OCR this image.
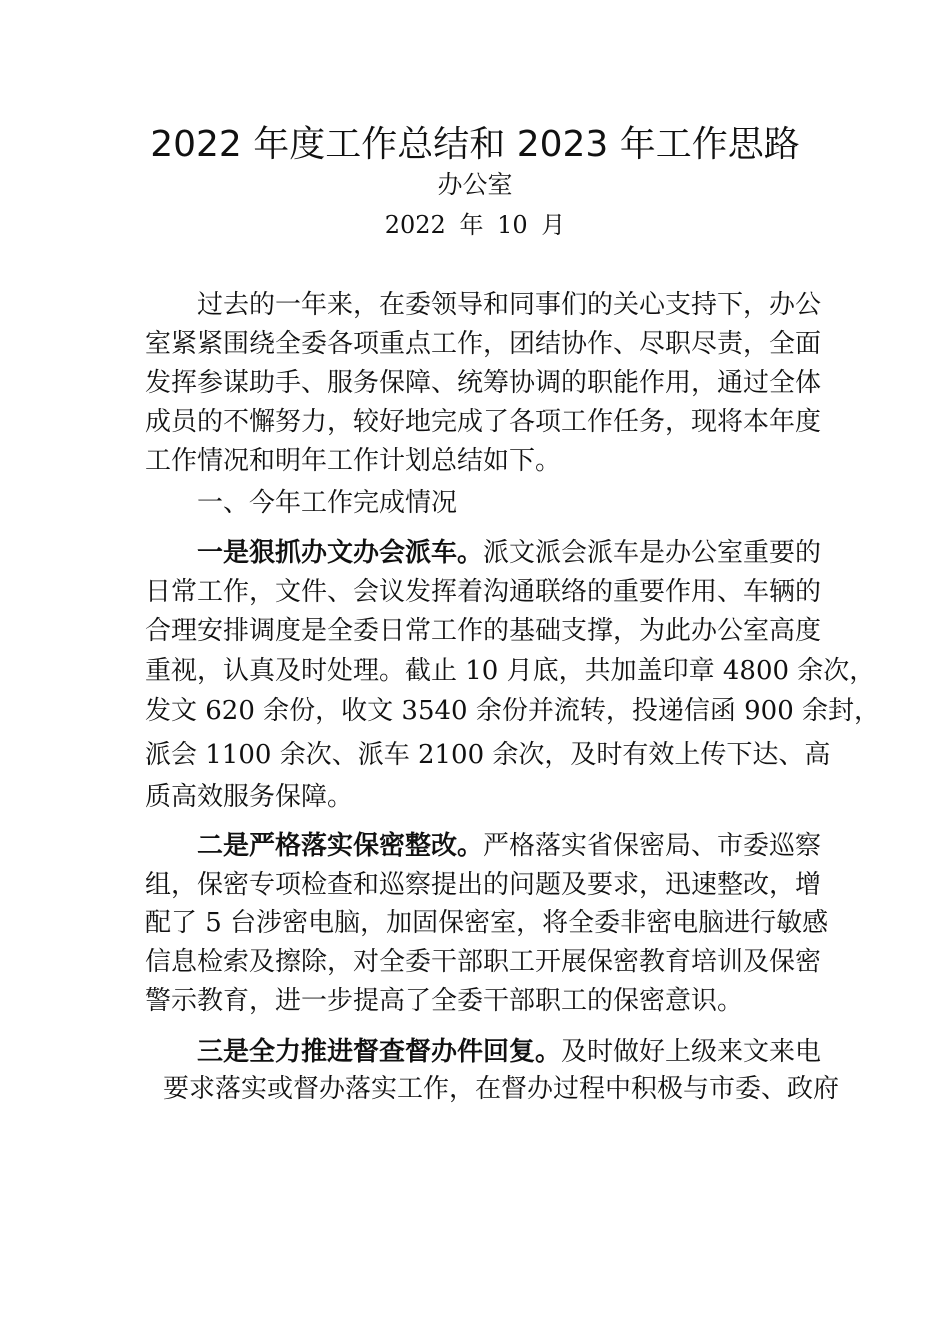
2022 年度工作总结和 2023 年工作思路
办公室
2022 年 10 月
过去的一年来，在委领导和同事们的关心支持下，办公
室紧紧围绕全委各项重点工作，团结协作、尽职尽责，全面
发挥参谋助手、服务保障、统筹协调的职能作用，通过全体
成员的不懈努力，较好地完成了各项工作任务，现将本年度
工作情况和明年工作计划总结如下。
一、今年工作完成情况
一是狠抓办文办会派车。派文派会派车是办公室重要的
日常工作，文件、会议发挥着沟通联络的重要作用、车辆的
合理安排调度是全委日常工作的基础支撑，为此办公室高度
重视，认真及时处理。截止 10 月底，共加盖印章 4800 余次，
发文 620 余份，收文 3540 余份并流转，投递信函 900 余封，
派会 1100 余次、派车 2100 余次，及时有效上传下达、高
质高效服务保障。
二是严格落实保密整改。严格落实省保密局、市委巡察
组，保密专项检查和巡察提出的问题及要求，迅速整改，增
配了 5 台涉密电脑，加固保密室，将全委非密电脑进行敏感
信息检索及擦除，对全委干部职工开展保密教育培训及保密
警示教育，进一步提高了全委干部职工的保密意识。
三是全力推进督查督办件回复。及时做好上级来文来电
要求落实或督办落实工作，在督办过程中积极与市委、政府
